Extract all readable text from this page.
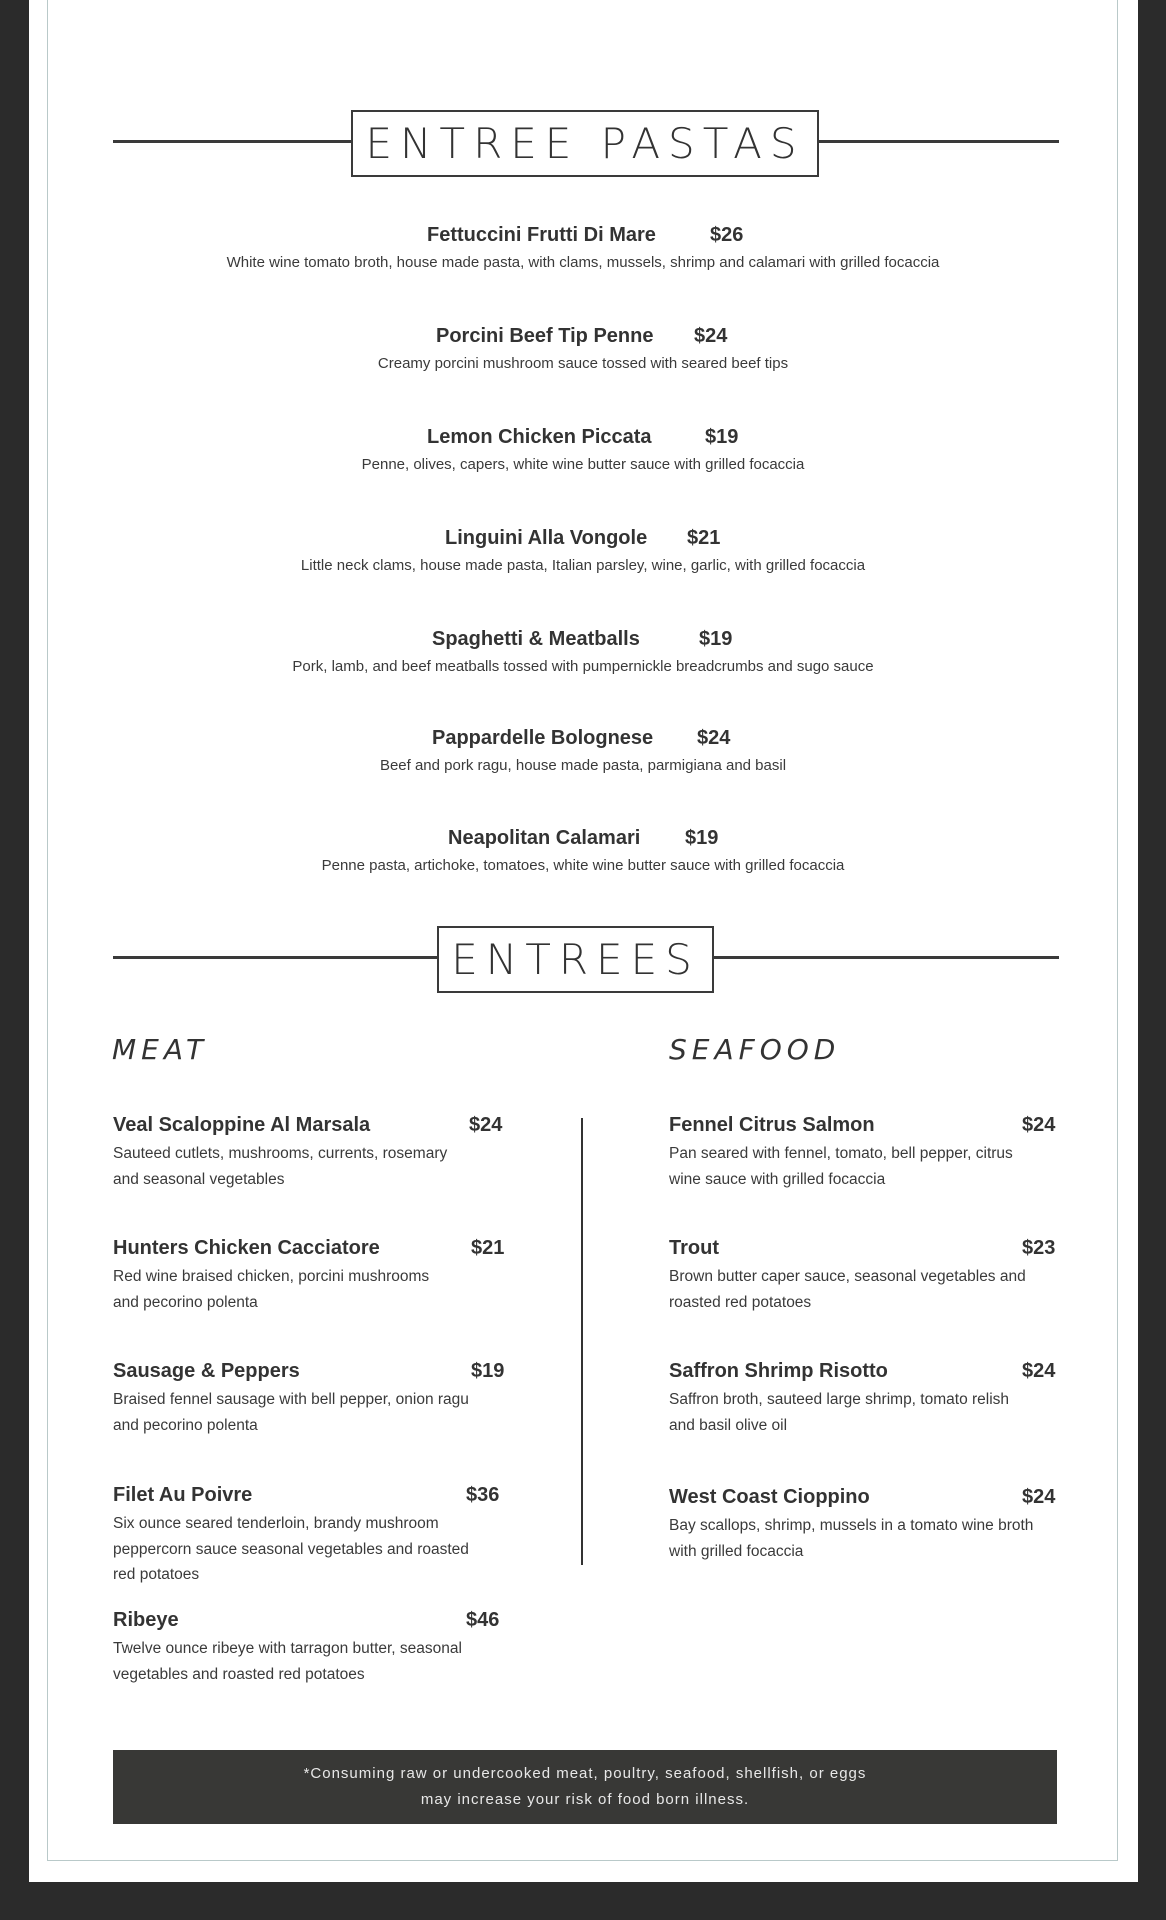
ENTREE PASTAS
Fettuccini Frutti Di Mare	$26
White wine tomato broth, house made pasta, with clams, mussels, shrimp and calamari with grilled focaccia
Porcini Beef Tip Penne $24
Creamy porcini mushroom sauce tossed with seared beef tips
Lemon Chicken Piccata	$19
Penne, olives, capers, white wine butter sauce with grilled focaccia
Linguini Alla Vongole $21
Little neck clams, house made pasta, Italian parsley, wine, garlic, with grilled focaccia
Spaghetti & Meatballs	$19
Pork, lamb, and beef meatballs tossed with pumpernickle breadcrumbs and sugo sauce
Pappardelle Bolognese $24
Beef and pork ragu, house made pasta, parmigiana and basil
Neapolitan Calamari $19
Penne pasta, artichoke, tomatoes, white wine butter sauce with grilled focaccia
ENTREES
MEAT	SEAFOOD
Veal Scaloppine Al Marsala	$24
Sauteed cutlets, mushrooms, currents, rosemary and seasonal vegetables
Hunters Chicken Cacciatore	$21
Red wine braised chicken, porcini mushrooms and pecorino polenta
Sausage & Peppers	$19
Braised fennel sausage with bell pepper, onion ragu and pecorino polenta
Filet Au Poivre	$36
Six ounce seared tenderloin, brandy mushroom peppercorn sauce seasonal vegetables and roasted red potatoes
Ribeye	$46
Twelve ounce ribeye with tarragon butter, seasonal vegetables and roasted red potatoes
Fennel Citrus Salmon	$24
Pan seared with fennel, tomato, bell pepper, citrus wine sauce with grilled focaccia
Trout	$23
Brown butter caper sauce, seasonal vegetables and roasted red potatoes
Saffron Shrimp Risotto	$24
Saffron broth, sauteed large shrimp, tomato relish and basil olive oil
West Coast Cioppino	$24
Bay scallops, shrimp, mussels in a tomato wine broth with grilled focaccia
*Consuming raw or undercooked meat, poultry, seafood, shellfish, or eggs
may increase your risk of food born illness.
